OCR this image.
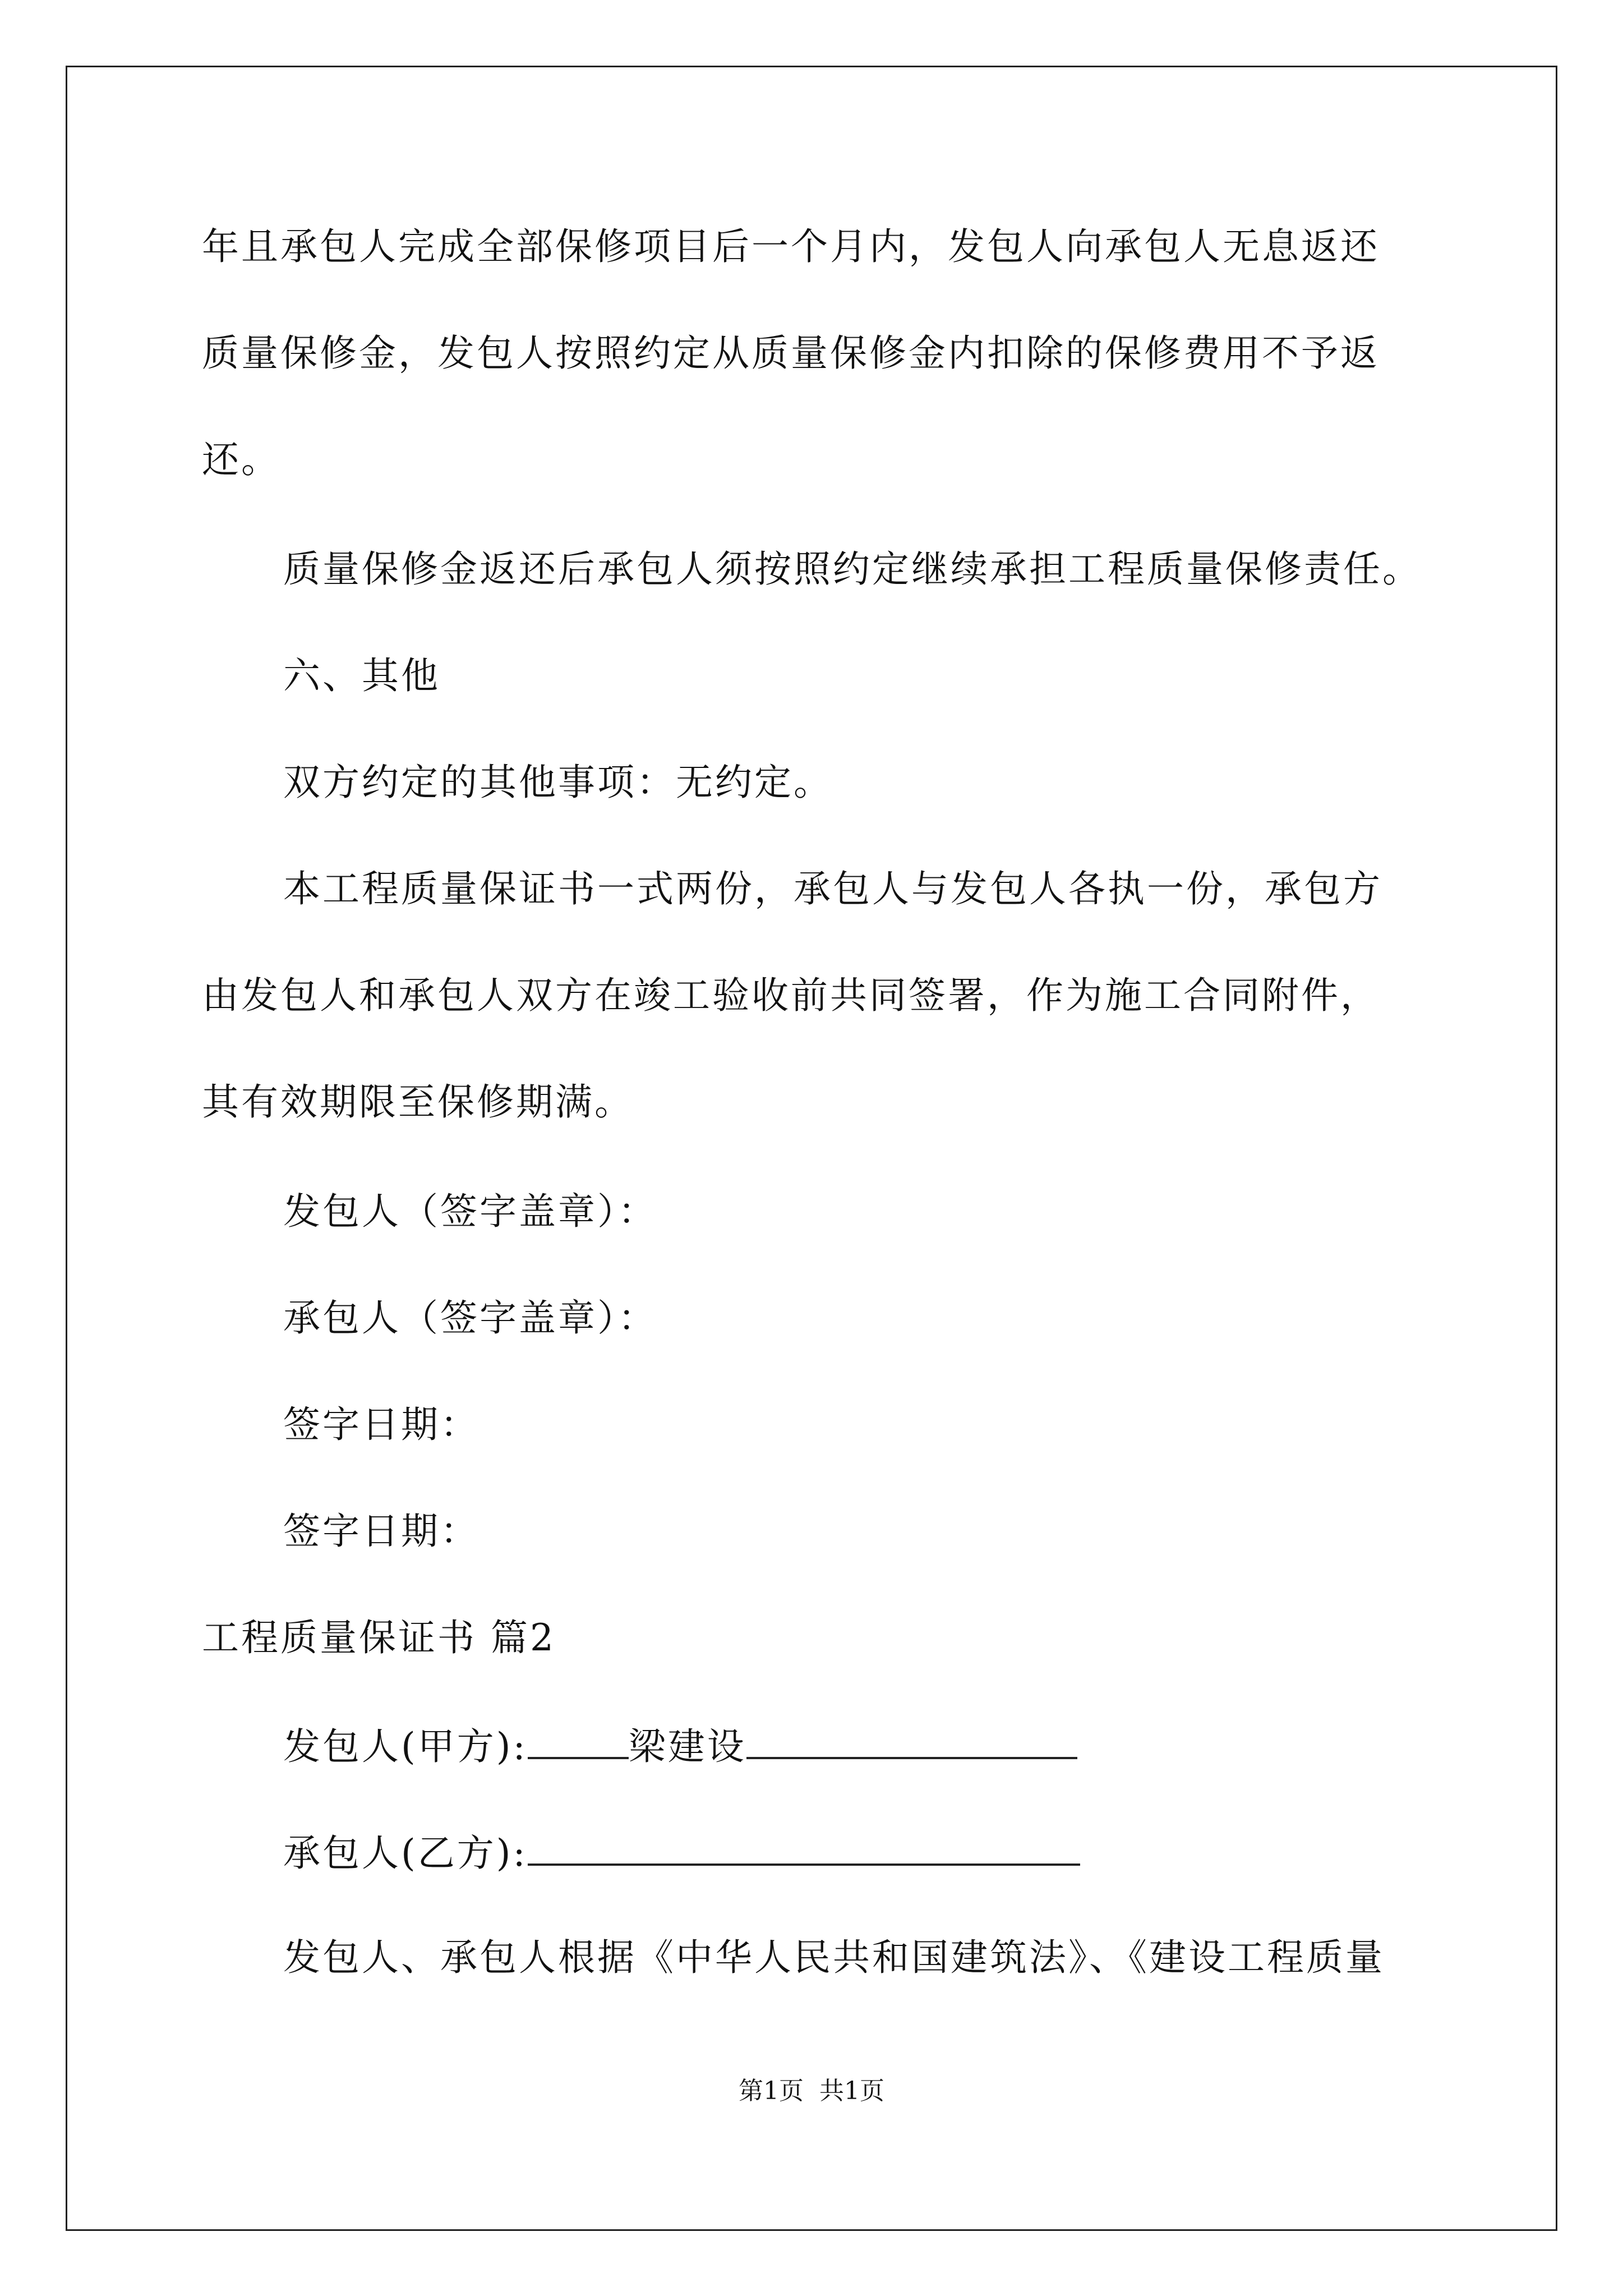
年且承包人完成全部保修项目后一个月内，发包人向承包人无息返还
质量保修金，发包人按照约定从质量保修金内扣除的保修费用不予返
还。
质量保修金返还后承包人须按照约定继续承担工程质量保修责任。
六、其他
双方约定的其他事项：无约定。
本工程质量保证书一式两份，承包人与发包人各执一份，承包方
由发包人和承包人双方在竣工验收前共同签署，作为施工合同附件，
其有效期限至保修期满。
发包人（签字盖章）：
承包人（签字盖章）：
签字日期：
签字日期：
工程质量保证书 篇2
发包人(甲方):	梁建设
承包人(乙方):
发包人、承包人根据《中华人民共和国建筑法》、《建设工程质量
第1页 共1页
